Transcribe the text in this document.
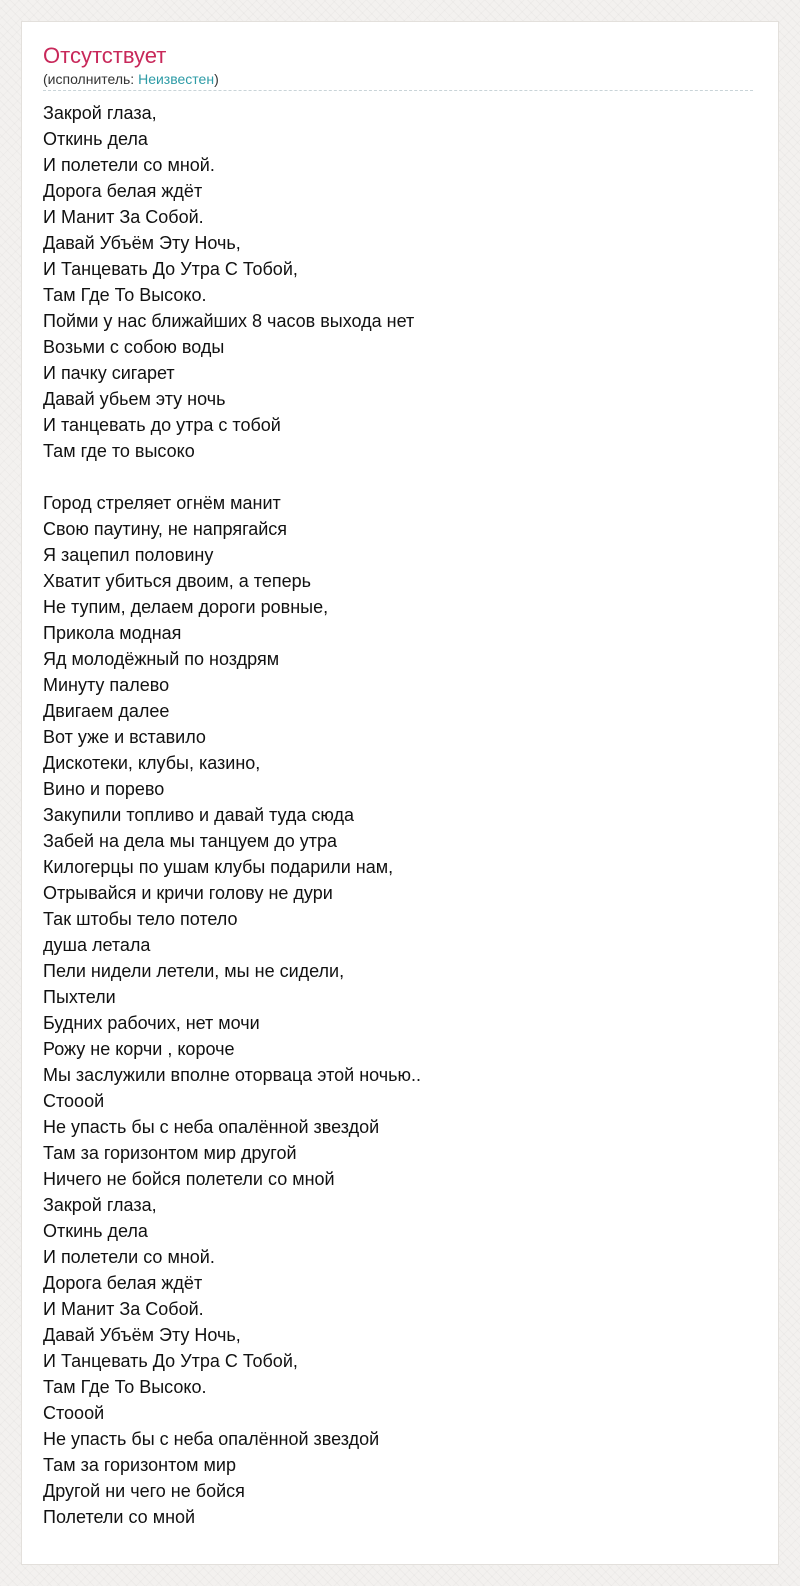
Отсутствует
(исполнитель: Неизвестен)
Закрой глаза,
Откинь дела
И полетели со мной.
Дорога белая ждёт
И Манит За Собой.
Давай Убъём Эту Ночь,
И Танцевать До Утра С Тобой,
Там Где То Высоко.
Пойми у нас ближайших 8 часов выхода нет
Возьми с собою воды
И пачку сигарет
Давай убьем эту ночь
И танцевать до утра с тобой
Там где то высоко
Город стреляет огнём манит
Свою паутину, не напрягайся
Я зацепил половину
Хватит убиться двоим, а теперь
Не тупим, делаем дороги ровные,
Прикола модная
Яд молодёжный по ноздрям
Минуту палево
Двигаем далее
Вот уже и вставило
Дискотеки, клубы, казино,
Вино и порево
Закупили топливо и давай туда сюда
Забей на дела мы танцуем до утра
Килогерцы по ушам клубы подарили нам,
Отрывайся и кричи голову не дури
Так штобы тело потело
душа летала
Пели нидели летели, мы не сидели,
Пыхтели
Будних рабочих, нет мочи
Рожу не корчи , короче
Мы заслужили вполне оторваца этой ночью..
Стооой
Не упасть бы с неба опалённой звездой
Там за горизонтом мир другой
Ничего не бойся полетели со мной
Закрой глаза,
Откинь дела
И полетели со мной.
Дорога белая ждёт
И Манит За Собой.
Давай Убъём Эту Ночь,
И Танцевать До Утра С Тобой,
Там Где То Высоко.
Стооой
Не упасть бы с неба опалённой звездой
Там за горизонтом мир
Другой ни чего не бойся
Полетели со мной
